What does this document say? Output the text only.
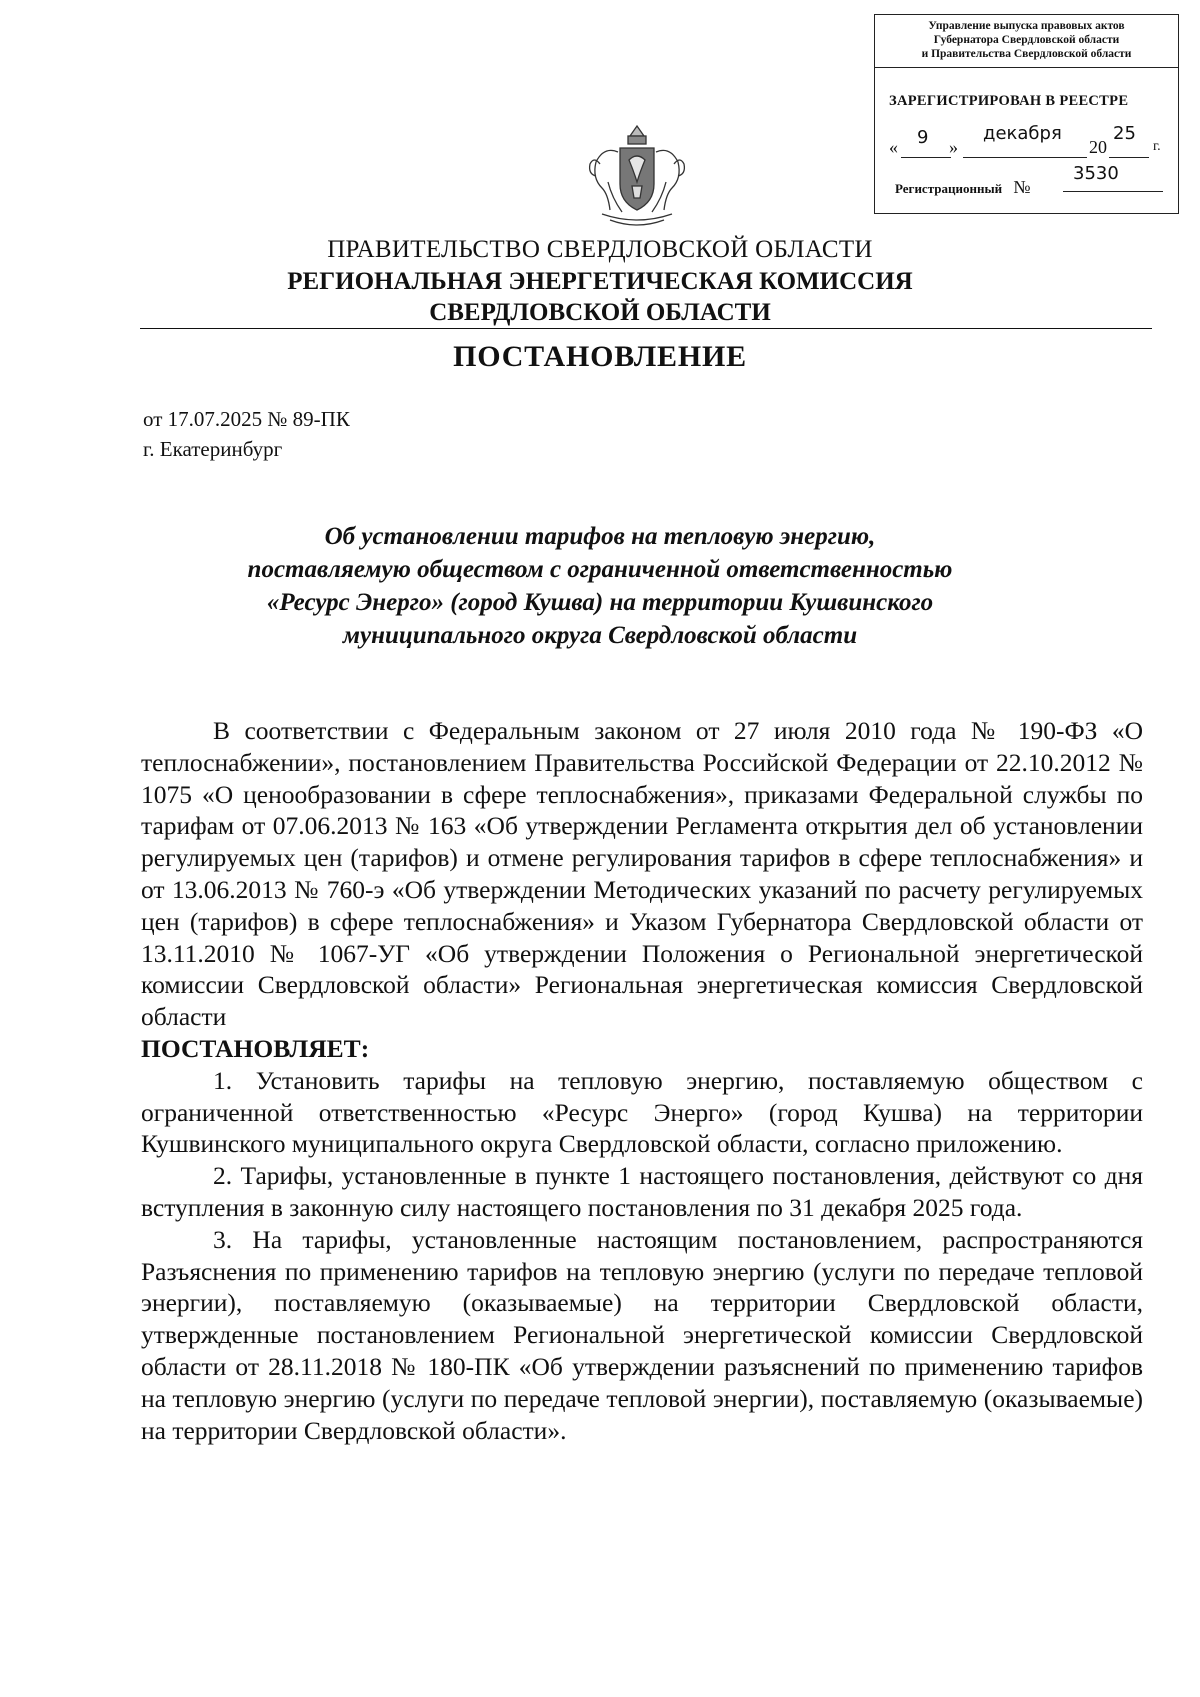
Управление выпуска правовых актов
Губернатора Свердловской области
и Правительства Свердловской области
ЗАРЕГИСТРИРОВАН В РЕЕСТРЕ
« 9 »
декабря
20
25
г.
Регистрационный №
3530
ПРАВИТЕЛЬСТВО СВЕРДЛОВСКОЙ ОБЛАСТИ
РЕГИОНАЛЬНАЯ ЭНЕРГЕТИЧЕСКАЯ КОМИССИЯ
СВЕРДЛОВСКОЙ ОБЛАСТИ
ПОСТАНОВЛЕНИЕ
от 17.07.2025 № 89-ПК
г. Екатеринбург
Об установлении тарифов на тепловую энергию,
поставляемую обществом с ограниченной ответственностью
«Ресурс Энерго» (город Кушва) на территории Кушвинского
муниципального округа Свердловской области

В соответствии с Федеральным законом от 27 июля 2010 года № 190-ФЗ «О теплоснабжении», постановлением Правительства Российской Федерации от 22.10.2012 № 1075 «О ценообразовании в сфере теплоснабжения», приказами Федеральной службы по тарифам от 07.06.2013 № 163 «Об утверждении Регламента открытия дел об установлении регулируемых цен (тарифов) и отмене регулирования тарифов в сфере теплоснабжения» и от 13.06.2013 № 760-э «Об утверждении Методических указаний по расчету регулируемых цен (тарифов) в сфере теплоснабжения» и Указом Губернатора Свердловской области от 13.11.2010 № 1067-УГ «Об утверждении Положения о Региональной энергетической комиссии Свердловской области» Региональная энергетическая комиссия Свердловской области

ПОСТАНОВЛЯЕТ:

1. Установить тарифы на тепловую энергию, поставляемую обществом с ограниченной ответственностью «Ресурс Энерго» (город Кушва) на территории Кушвинского муниципального округа Свердловской области, согласно приложению.

2. Тарифы, установленные в пункте 1 настоящего постановления, действуют со дня вступления в законную силу настоящего постановления по 31 декабря 2025 года.

3. На тарифы, установленные настоящим постановлением, распространяются Разъяснения по применению тарифов на тепловую энергию (услуги по передаче тепловой энергии), поставляемую (оказываемые) на территории Свердловской области, утвержденные постановлением Региональной энергетической комиссии Свердловской области от 28.11.2018 № 180-ПК «Об утверждении разъяснений по применению тарифов на тепловую энергию (услуги по передаче тепловой энергии), поставляемую (оказываемые) на территории Свердловской области».
